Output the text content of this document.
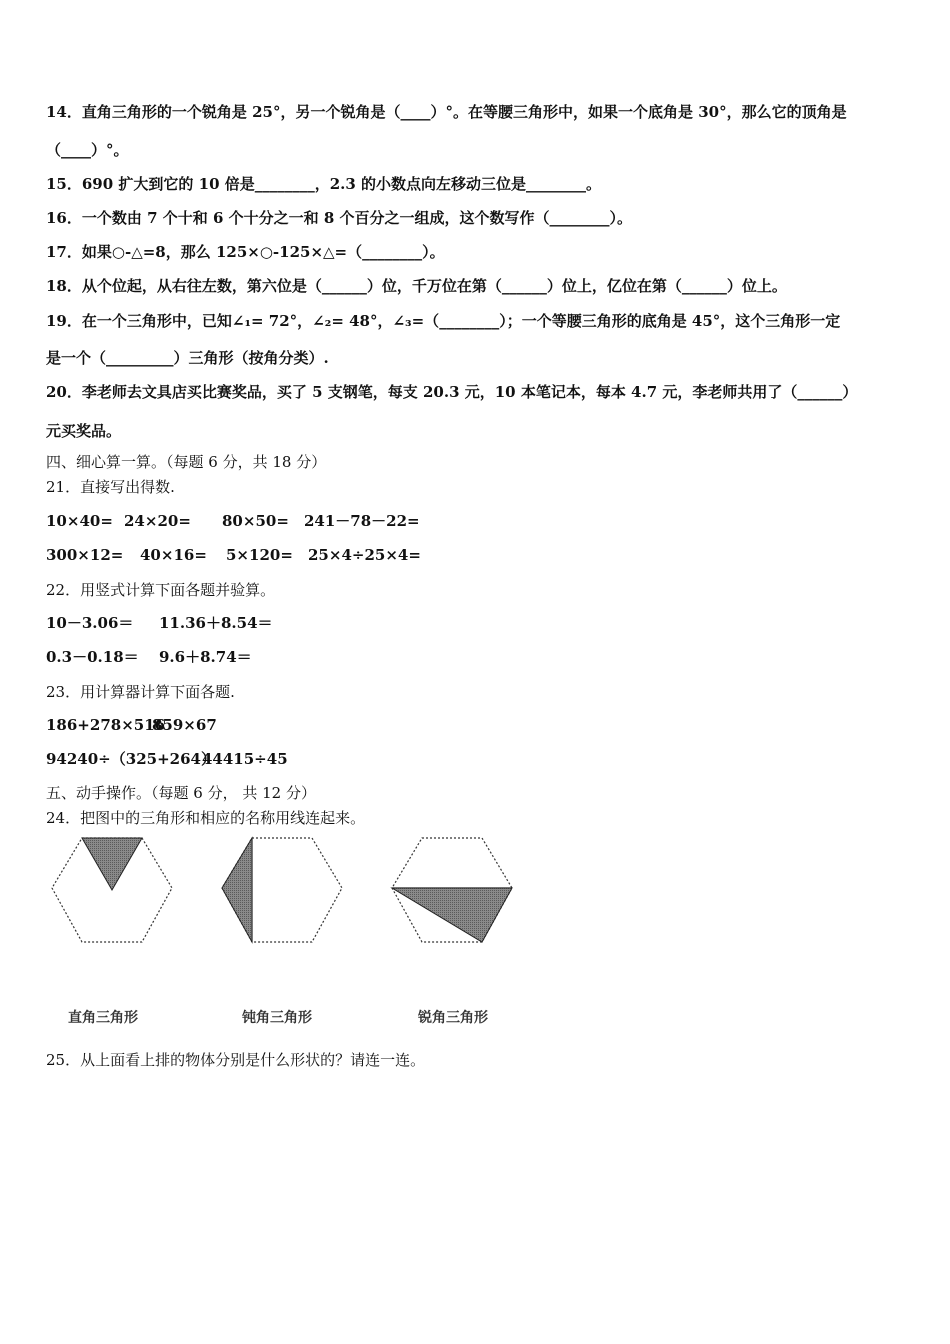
14．直角三角形的一个锐角是 25°，另一个锐角是（____）°。在等腰三角形中，如果一个底角是 30°，那么它的顶角是
（____）°。
15．690 扩大到它的 10 倍是________，2.3 的小数点向左移动三位是________。
16．一个数由 7 个十和 6 个十分之一和 8 个百分之一组成，这个数写作（________）。
17．如果○-△=8，那么 125×○-125×△=（________）。
18．从个位起，从右往左数，第六位是（______）位，千万位在第（______）位上，亿位在第（______）位上。
19．在一个三角形中，已知∠₁= 72°，∠₂= 48°，∠₃=（________）；一个等腰三角形的底角是 45°，这个三角形一定
是一个（_________）三角形（按角分类）.
20．李老师去文具店买比赛奖品，买了 5 支钢笔，每支 20.3 元，10 本笔记本，每本 4.7 元，李老师共用了（______）
元买奖品。
四、细心算一算。（每题 6 分，共 18 分）
21．直接写出得数.
10×40= 24×20= 80×50= 241－78－22=
300×12= 40×16= 5×120= 25×4÷25×4=
22．用竖式计算下面各题并验算。
10－3.06＝ 11.36＋8.54＝
0.3－0.18＝ 9.6＋8.74＝
23．用计算器计算下面各题.
186+278×516859×67
94240÷（325+264）44415÷45
五、动手操作。（每题 6 分， 共 12 分）
24．把图中的三角形和相应的名称用线连起来。
直角三角形	钝角三角形	锐角三角形
25．从上面看上排的物体分别是什么形状的？请连一连。
